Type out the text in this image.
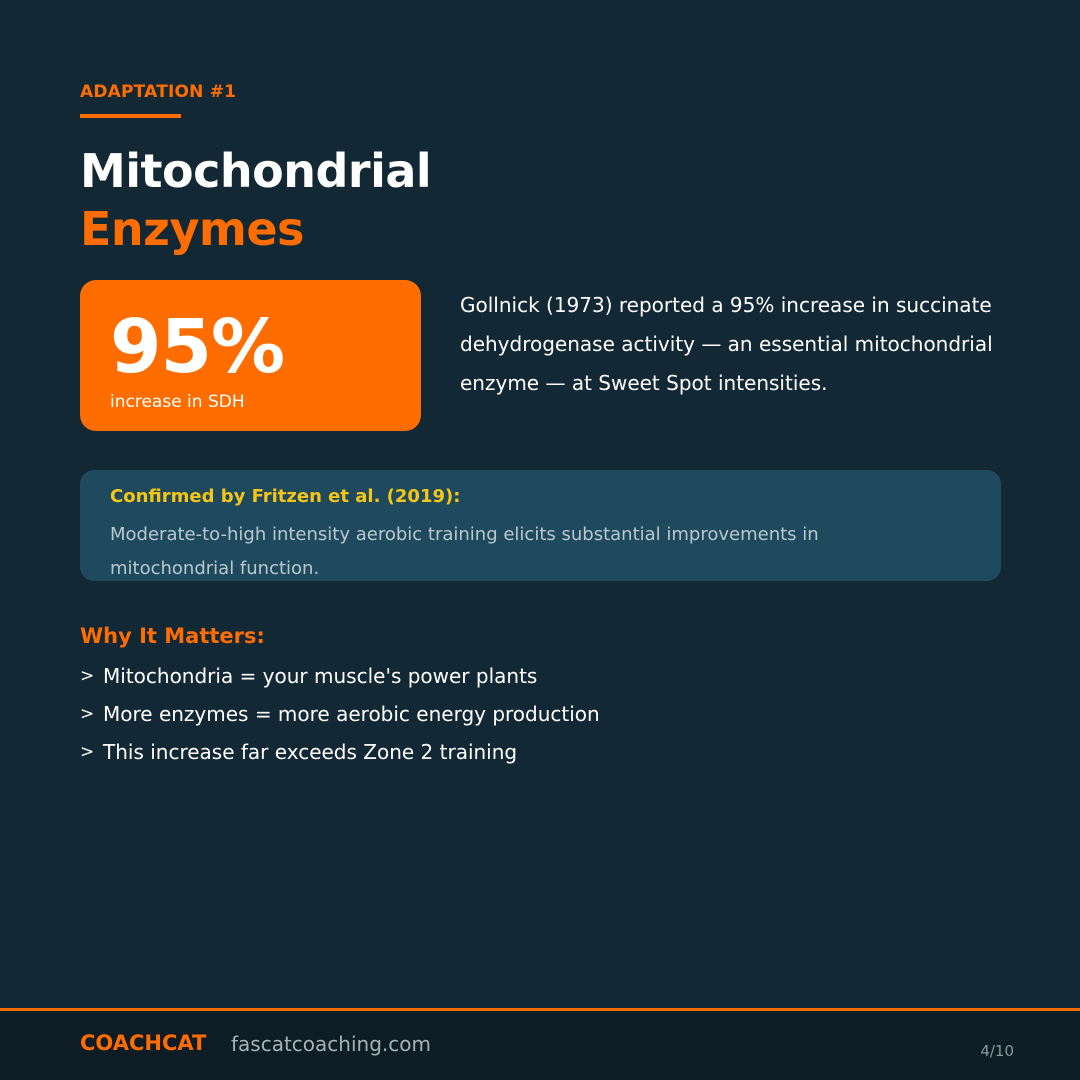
ADAPTATION #1
Mitochondrial
Enzymes
95%
increase in SDH

Gollnick (1973) reported a 95% increase in succinate dehydrogenase activity — an essential mitochondrial enzyme — at Sweet Spot intensities.

Confirmed by Fritzen et al. (2019):
Moderate-to-high intensity aerobic training elicits substantial improvements in mitochondrial function.
Why It Matters:
> Mitochondria = your muscle's power plants
> More enzymes = more aerobic energy production
> This increase far exceeds Zone 2 training
COACHCAT fascatcoaching.com	4/10
